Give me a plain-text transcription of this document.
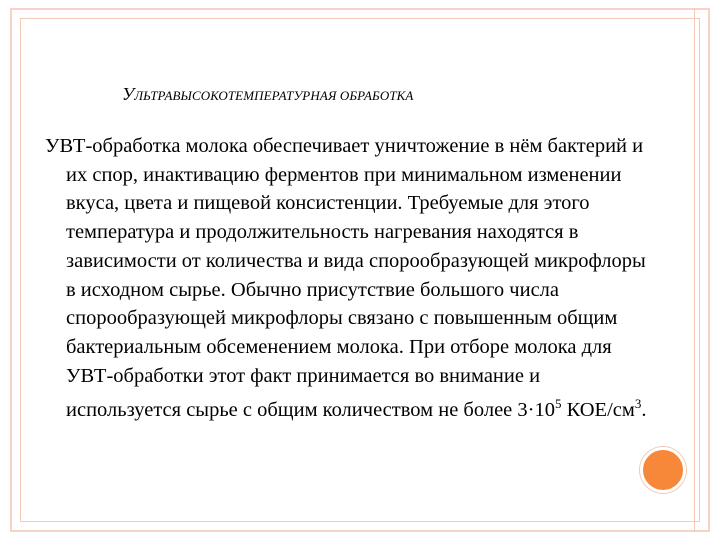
УЛЬТРАВЫСОКОТЕМПЕРАТУРНАЯ ОБРАБОТКА
УВТ-обработка молока обеспечивает уничтожение в нём бактерий и их спор, инактивацию ферментов при минимальном изменении вкуса, цвета и пищевой консистенции. Требуемые для этого температура и продолжительность нагревания находятся в зависимости от количества и вида спорообразующей микрофлоры в исходном сырье. Обычно присутствие большого числа спорообразующей микрофлоры связано с повышенным общим бактериальным обсеменением молока. При отборе молока для УВТ-обработки этот факт принимается во внимание и используется сырье с общим количеством не более $3\cdot 10^5$ КОЕ/$см^3$.
